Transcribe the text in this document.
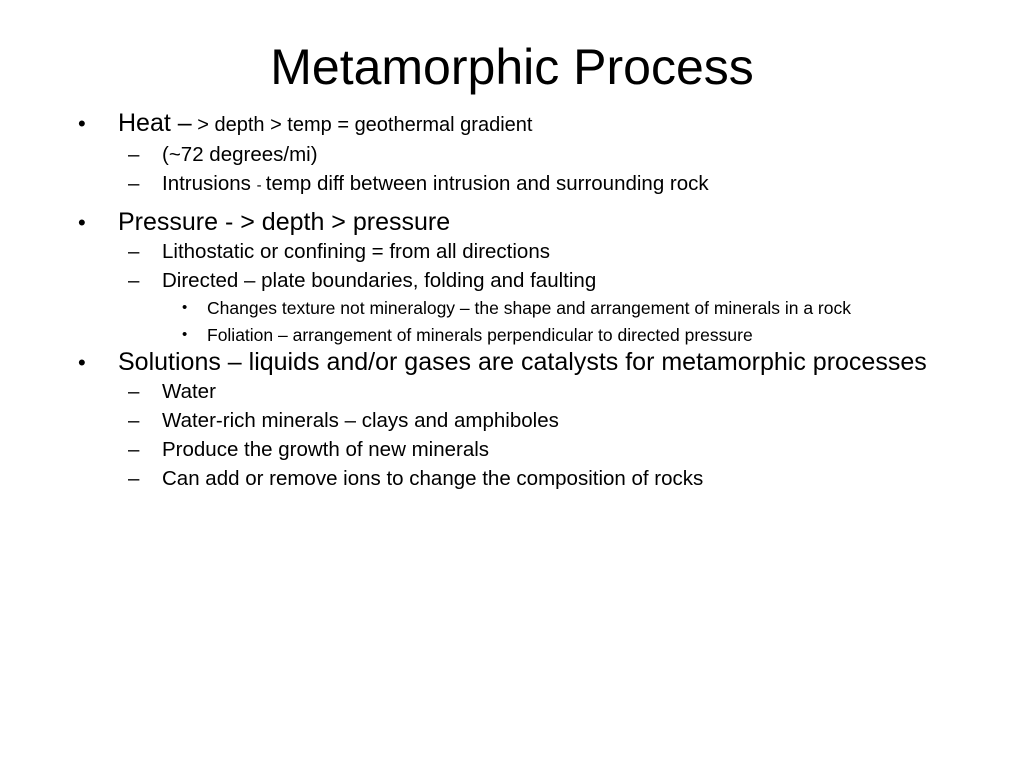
Metamorphic Process
• Heat – > depth > temp = geothermal gradient
– (~72 degrees/mi)
– Intrusions - temp diff between intrusion and surrounding rock
• Pressure - > depth > pressure
– Lithostatic or confining = from all directions
– Directed – plate boundaries, folding and faulting
• Changes texture not mineralogy – the shape and arrangement of minerals in a rock
• Foliation – arrangement of minerals perpendicular to directed pressure
• Solutions – liquids and/or gases are catalysts for metamorphic processes
– Water
– Water-rich minerals – clays and amphiboles
– Produce the growth of new minerals
– Can add or remove ions to change the composition of rocks
